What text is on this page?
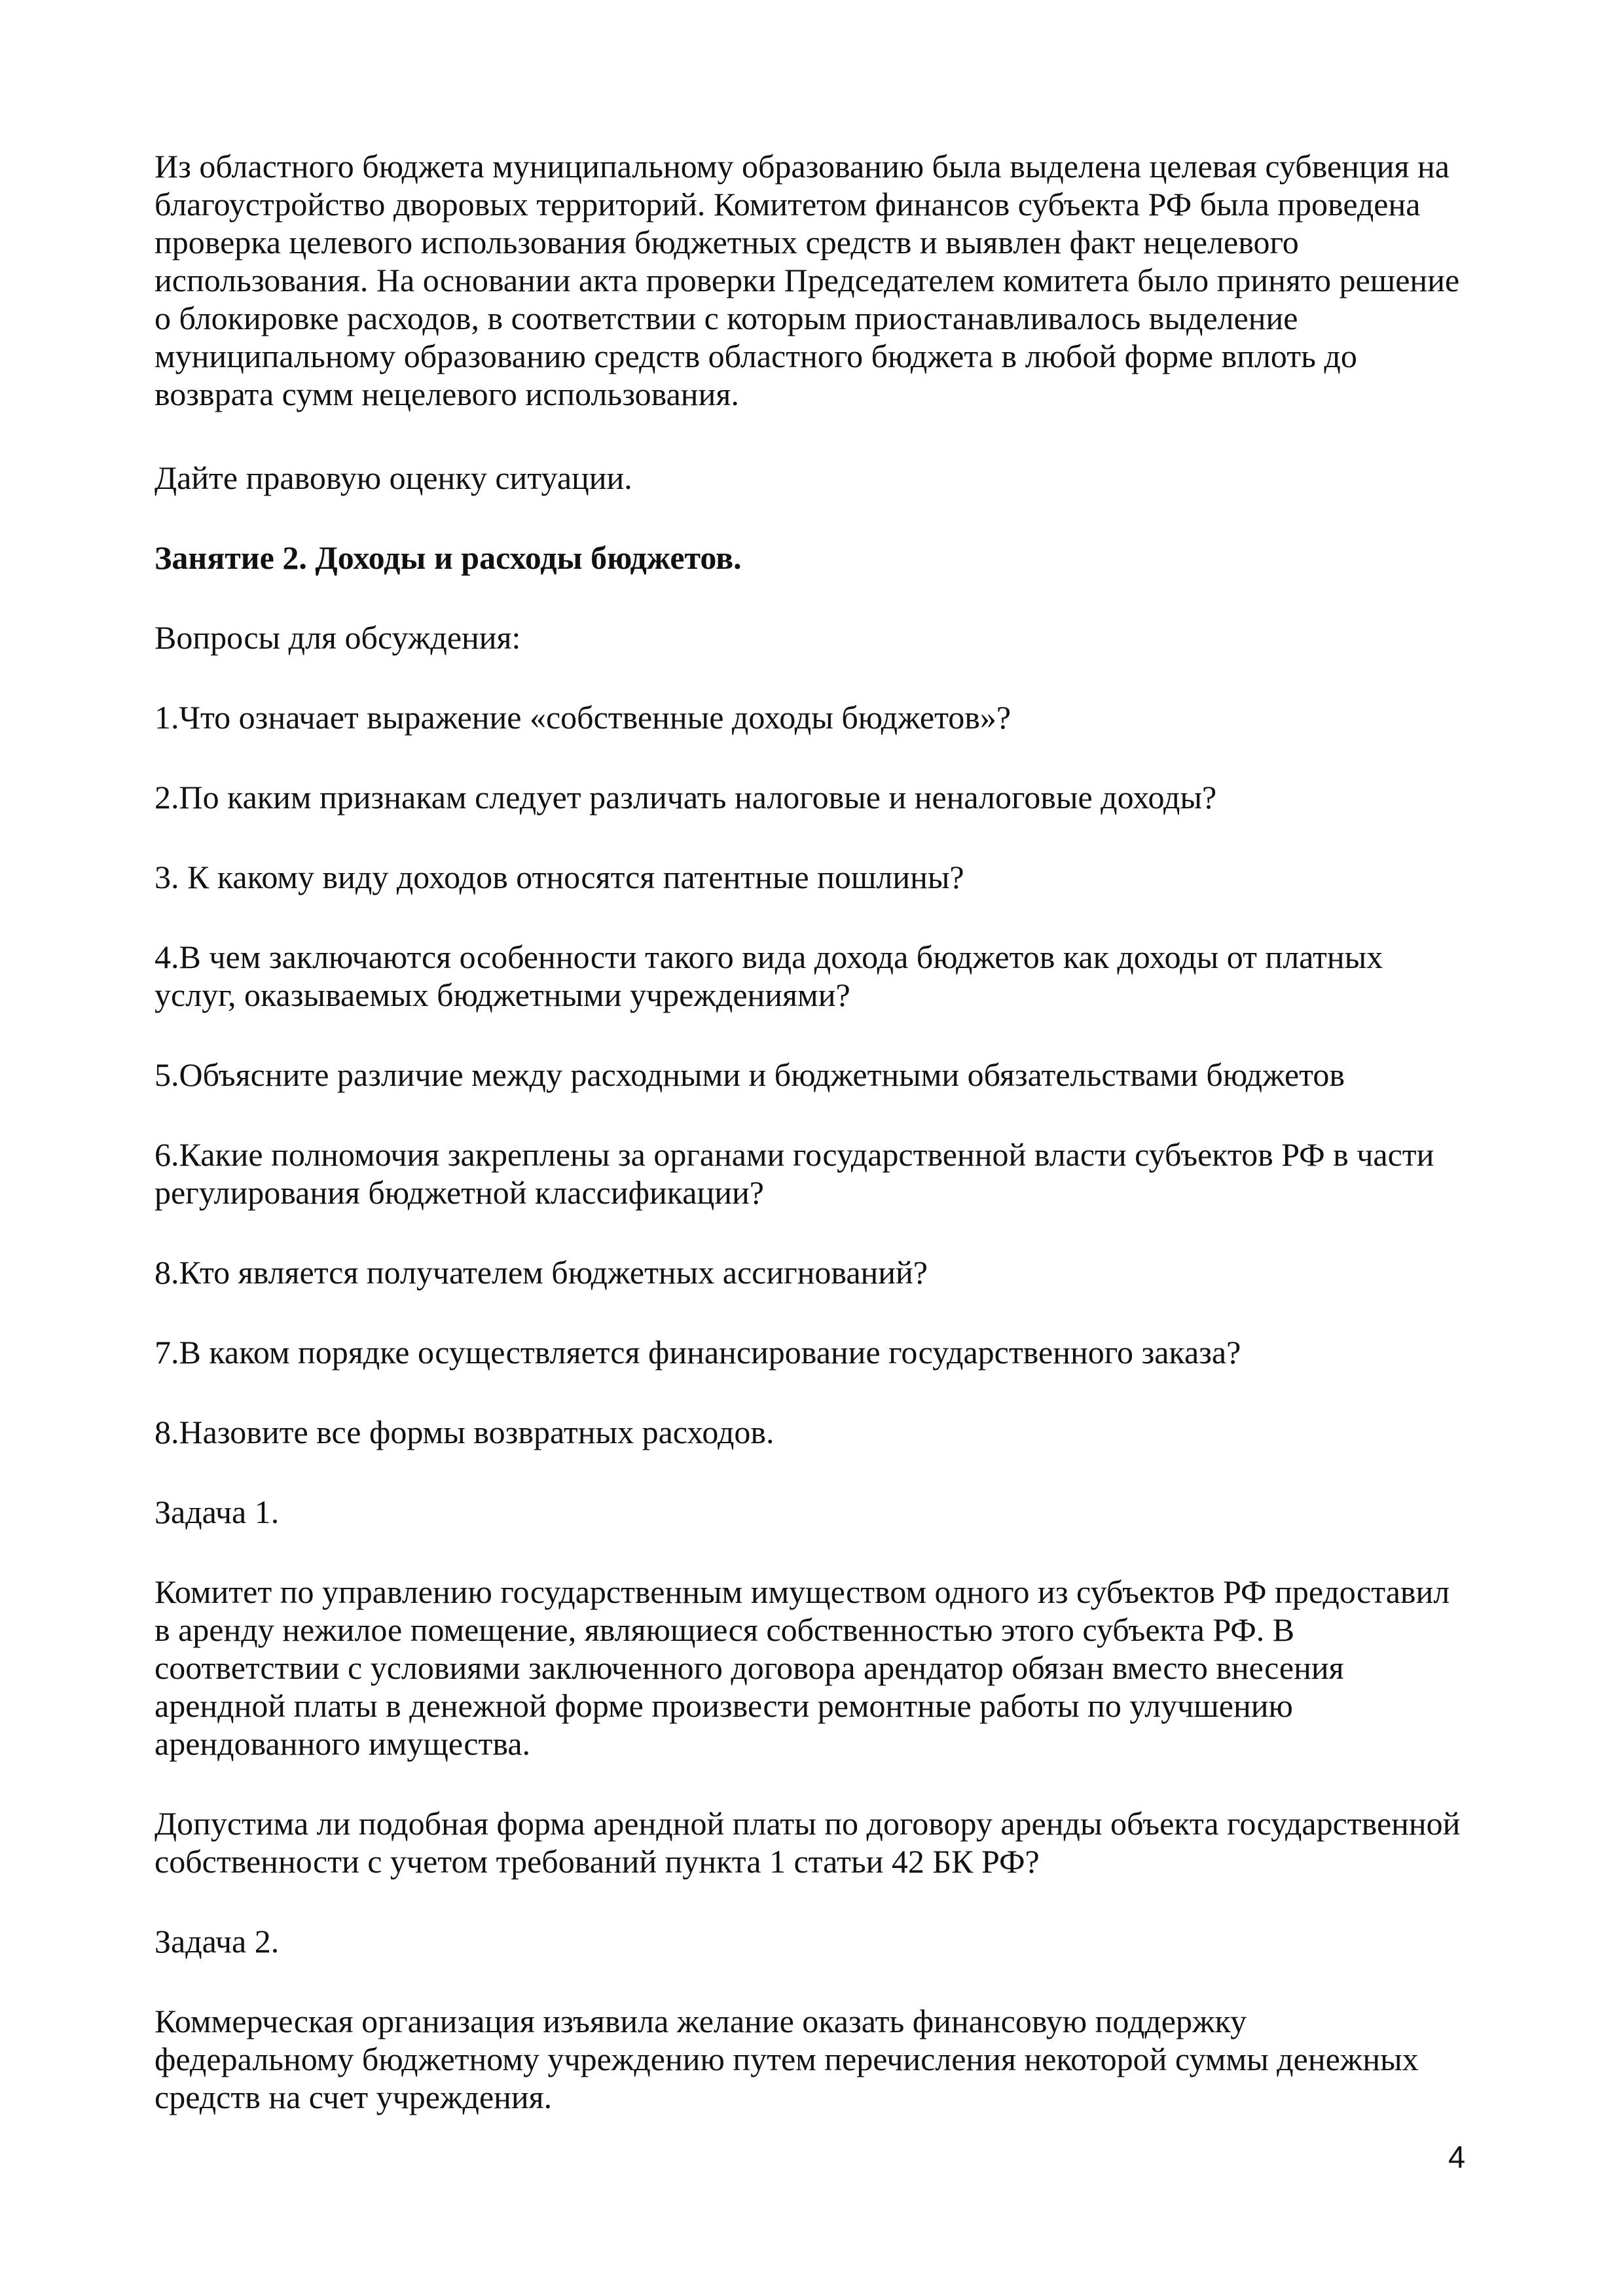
Из областного бюджета муниципальному образованию была выделена целевая субвенция на
благоустройство дворовых территорий. Комитетом финансов субъекта РФ была проведена
проверка целевого использования бюджетных средств и выявлен факт нецелевого
использования. На основании акта проверки Председателем комитета было принято решение
о блокировке расходов, в соответствии с которым приостанавливалось выделение
муниципальному образованию средств областного бюджета в любой форме вплоть до
возврата сумм нецелевого использования.

Дайте правовую оценку ситуации.

Занятие 2. Доходы и расходы бюджетов.

Вопросы для обсуждения:

1.Что означает выражение «собственные доходы бюджетов»?

2.По каким признакам следует различать налоговые и неналоговые доходы?

3. К какому виду доходов относятся патентные пошлины?

4.В чем заключаются особенности такого вида дохода бюджетов как доходы от платных
услуг, оказываемых бюджетными учреждениями?

5.Объясните различие между расходными и бюджетными обязательствами бюджетов

6.Какие полномочия закреплены за органами государственной власти субъектов РФ в части
регулирования бюджетной классификации?

8.Кто является получателем бюджетных ассигнований?

7.В каком порядке осуществляется финансирование государственного заказа?

8.Назовите все формы возвратных расходов.

Задача 1.

Комитет по управлению государственным имуществом одного из субъектов РФ предоставил
в аренду нежилое помещение, являющиеся собственностью этого субъекта РФ. В
соответствии с условиями заключенного договора арендатор обязан вместо внесения
арендной платы в денежной форме произвести ремонтные работы по улучшению
арендованного имущества.

Допустима ли подобная форма арендной платы по договору аренды объекта государственной
собственности с учетом требований пункта 1 статьи 42 БК РФ?

Задача 2.

Коммерческая организация изъявила желание оказать финансовую поддержку
федеральному бюджетному учреждению путем перечисления некоторой суммы денежных
средств на счет учреждения.

4
